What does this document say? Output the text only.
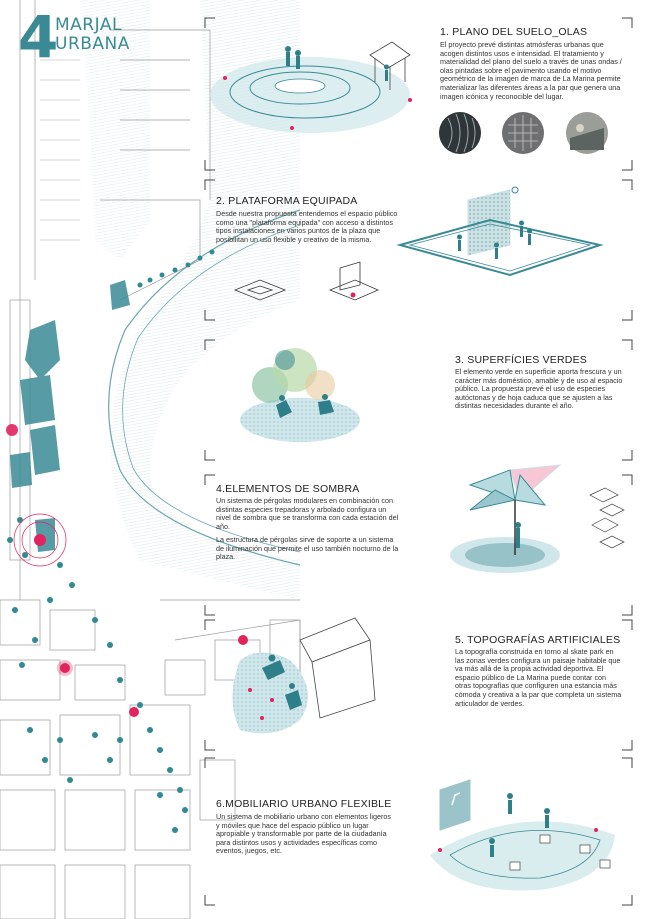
4
MARJAL
URBANA
1. PLANO DEL SUELO_OLAS
El proyecto prevé distintas atmósferas urbanas que acogen distintos usos e intensidad. El tratamiento y materialidad del plano del suelo a través de unas ondas / olas pintadas sobre el pavimento usando el motivo geométrico de la imagen de marca de La Marina permite materializar las diferentes áreas a la par que genera una imagen icónica y reconocible del lugar.
2. PLATAFORMA EQUIPADA
Desde nuestra propuesta entendemos el espacio público como una "plataforma equipada" con acceso a distintos tipos instalaciones en varios puntos de la plaza que posibilitan un uso flexible y creativo de la misma.
3. SUPERFÍCIES VERDES
El elemento verde en superficie aporta frescura y un carácter más doméstico, amable y de uso al espacio público. La propuesta prevé el uso de especies autóctonas y de hoja caduca que se ajusten a las distintas necesidades durante el año.
4.ELEMENTOS DE SOMBRA
Un sistema de pérgolas modulares en combinación con distintas especies trepadoras y arbolado configura un nivel de sombra que se transforma con cada estación del año.
La estructura de pérgolas sirve de soporte a un sistema de iluminación que permite el uso también nocturno de la plaza.
5. TOPOGRAFÍAS ARTIFICIALES
La topografía construida en torno al skate park en las zonas verdes configura un paisaje habitable que va más allá de la propia actividad deportiva. El espacio público de La Marina puede contar con otras topografías que configuren una estancia más cómoda y creativa a la par que completa un sistema articulador de verdes.
6.MOBILIARIO URBANO FLEXIBLE
Un sistema de mobiliario urbano con elementos ligeros y móviles que hace del espacio público un lugar apropiable y transformable por parte de la ciudadanía para distintos usos y actividades específicas como eventos, juegos, etc.
